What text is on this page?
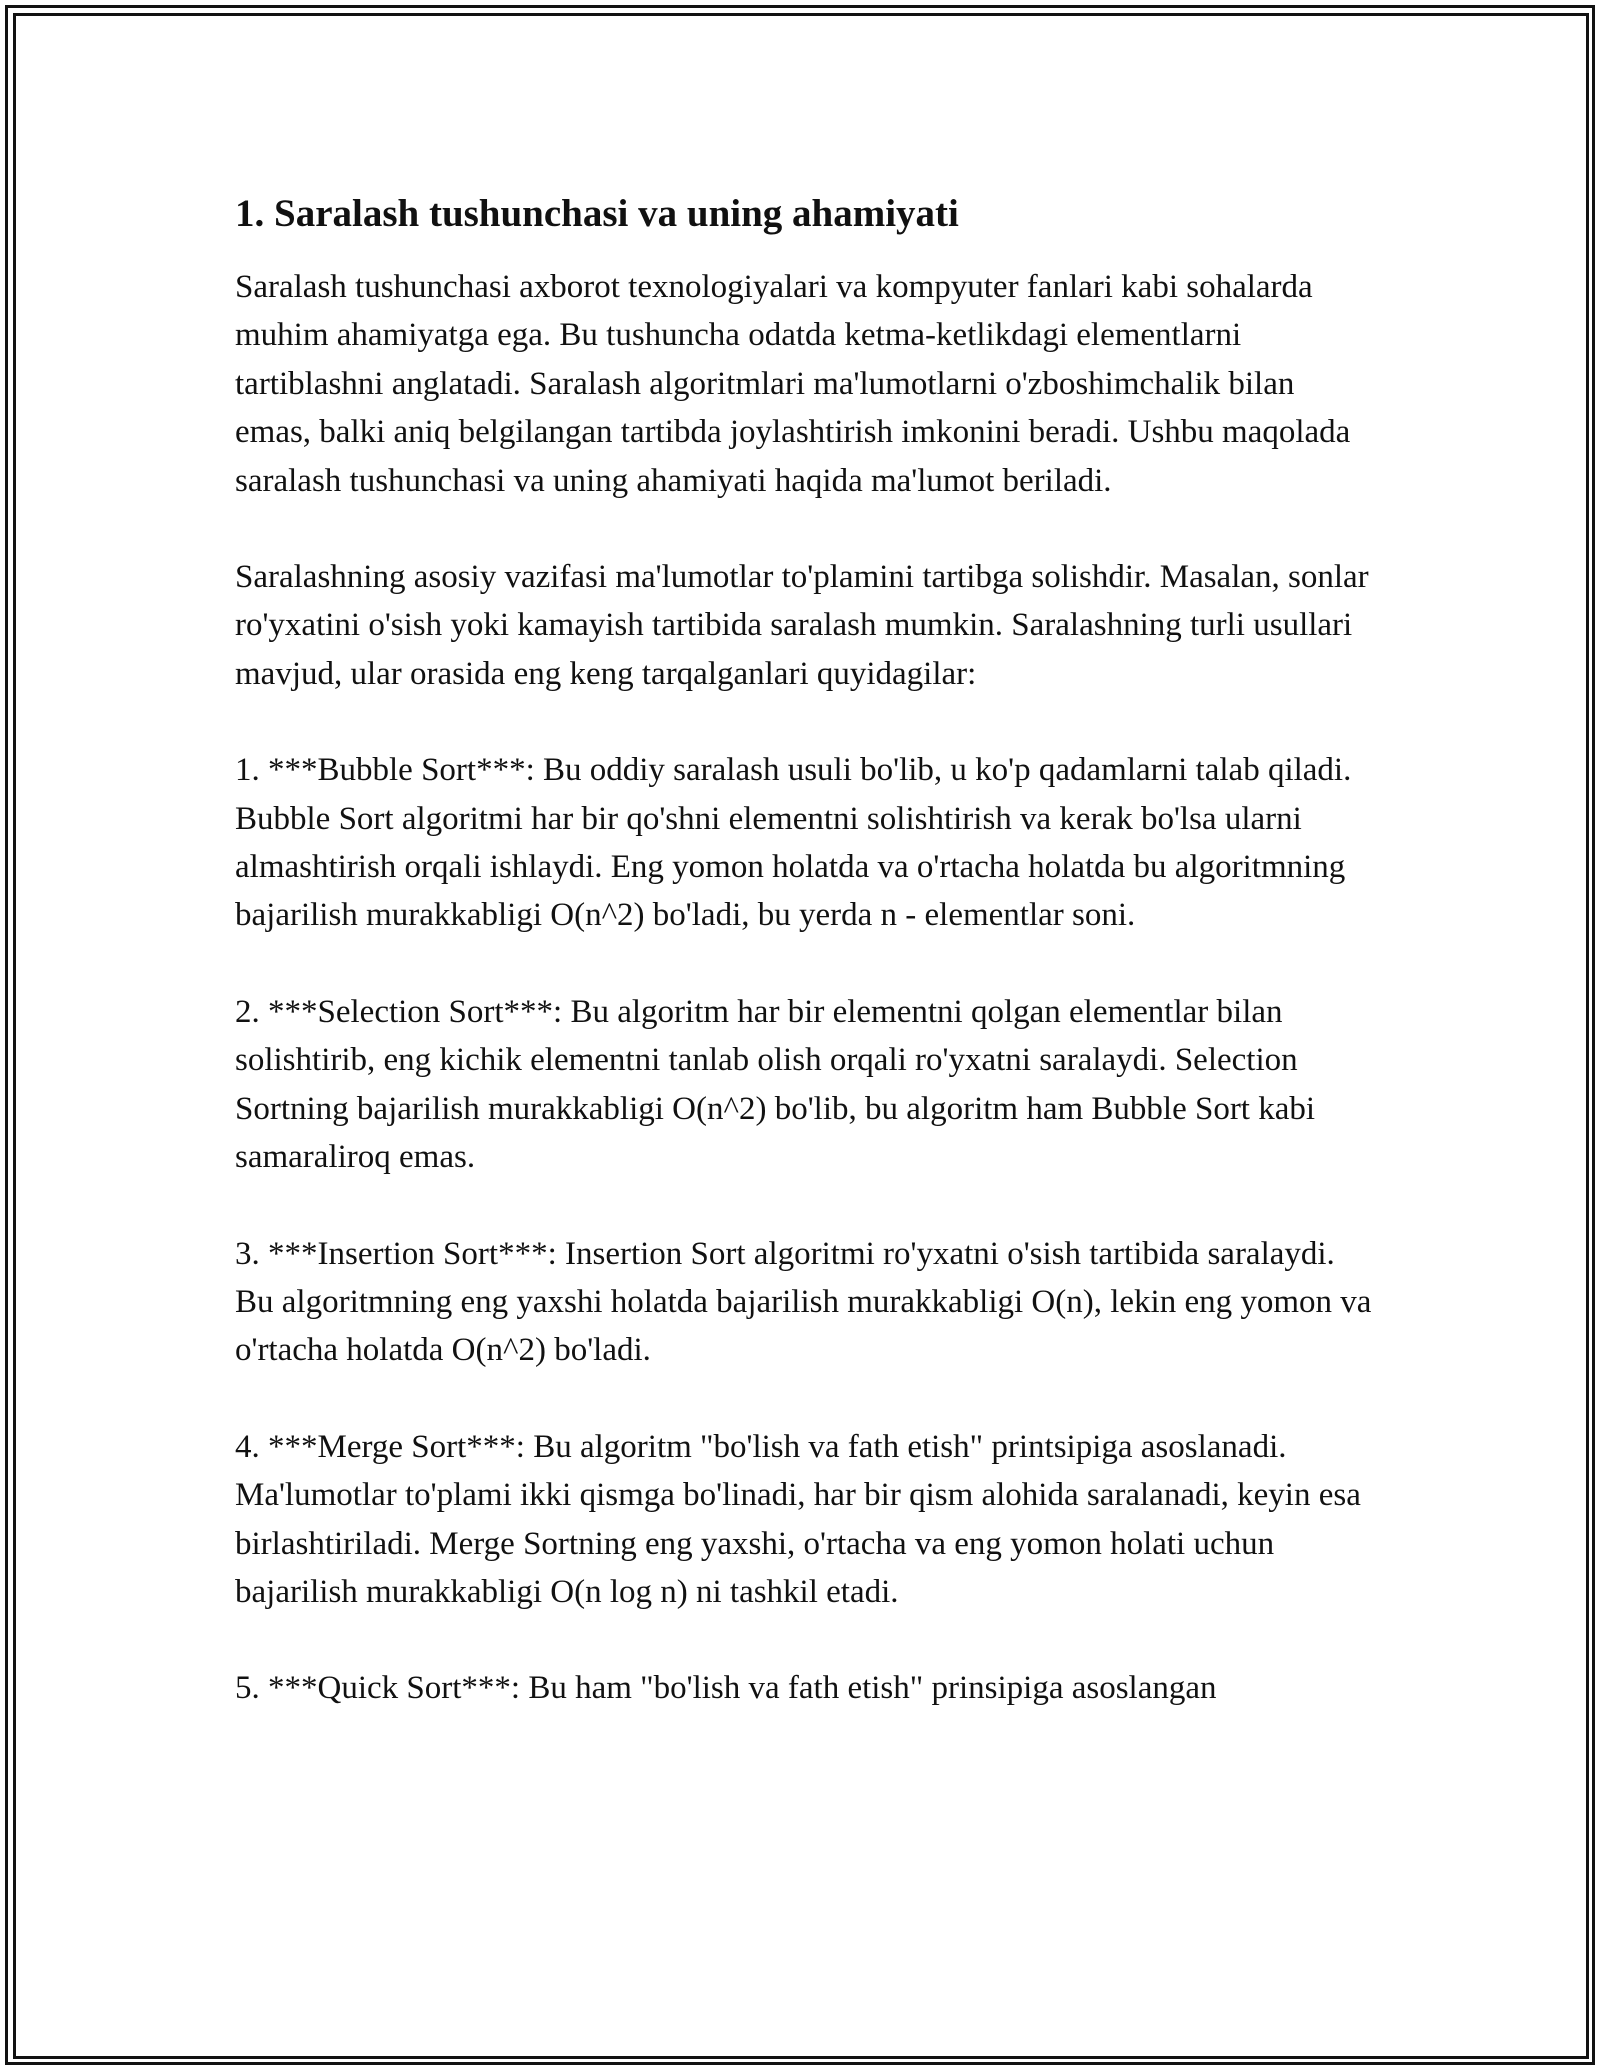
1. Saralash tushunchasi va uning ahamiyati

Saralash tushunchasi axborot texnologiyalari va kompyuter fanlari kabi sohalarda muhim ahamiyatga ega. Bu tushuncha odatda ketma-ketlikdagi elementlarni tartiblashni anglatadi. Saralash algoritmlari ma'lumotlarni o'zboshimchalik bilan emas, balki aniq belgilangan tartibda joylashtirish imkonini beradi. Ushbu maqolada saralash tushunchasi va uning ahamiyati haqida ma'lumot beriladi.

Saralashning asosiy vazifasi ma'lumotlar to'plamini tartibga solishdir. Masalan, sonlar ro'yxatini o'sish yoki kamayish tartibida saralash mumkin. Saralashning turli usullari mavjud, ular orasida eng keng tarqalganlari quyidagilar:

1. ***Bubble Sort***: Bu oddiy saralash usuli bo'lib, u ko'p qadamlarni talab qiladi. Bubble Sort algoritmi har bir qo'shni elementni solishtirish va kerak bo'lsa ularni almashtirish orqali ishlaydi. Eng yomon holatda va o'rtacha holatda bu algoritmning bajarilish murakkabligi O(n^2) bo'ladi, bu yerda n - elementlar soni.

2. ***Selection Sort***: Bu algoritm har bir elementni qolgan elementlar bilan solishtirib, eng kichik elementni tanlab olish orqali ro'yxatni saralaydi. Selection Sortning bajarilish murakkabligi O(n^2) bo'lib, bu algoritm ham Bubble Sort kabi samaraliroq emas.

3. ***Insertion Sort***: Insertion Sort algoritmi ro'yxatni o'sish tartibida saralaydi. Bu algoritmning eng yaxshi holatda bajarilish murakkabligi O(n), lekin eng yomon va o'rtacha holatda O(n^2) bo'ladi.

4. ***Merge Sort***: Bu algoritm "bo'lish va fath etish" printsipiga asoslanadi. Ma'lumotlar to'plami ikki qismga bo'linadi, har bir qism alohida saralanadi, keyin esa birlashtiriladi. Merge Sortning eng yaxshi, o'rtacha va eng yomon holati uchun bajarilish murakkabligi O(n log n) ni tashkil etadi.

5. ***Quick Sort***: Bu ham "bo'lish va fath etish" prinsipiga asoslangan
